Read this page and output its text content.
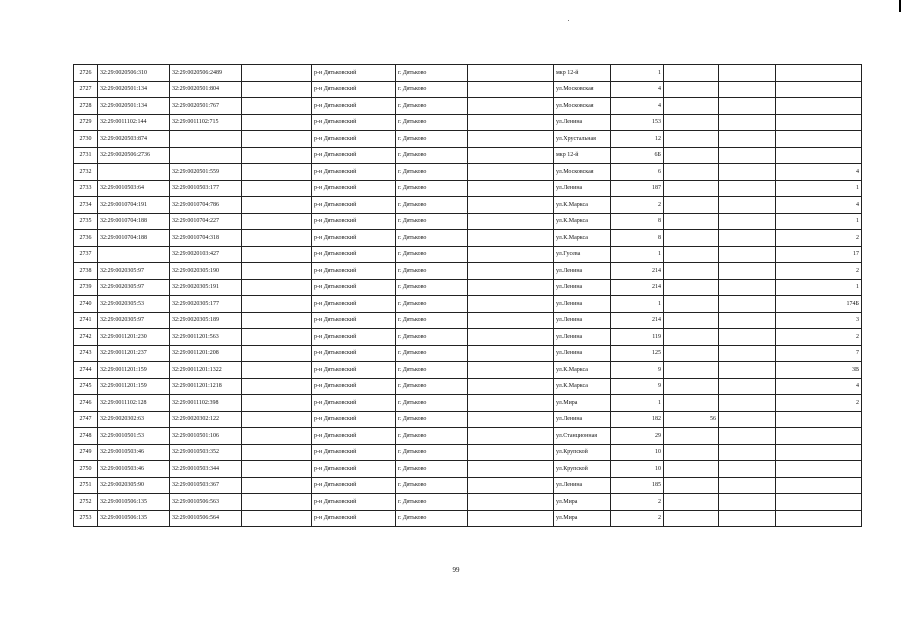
2726	32:29:0020506:310	32:29:0020506:2489		р-н Дятьковский	г. Дятьково		мкр 12-й	1			
2727	32:29:0020501:134	32:29:0020501:804		р-н Дятьковский	г. Дятьково		ул.Московская	4			
2728	32:29:0020501:134	32:29:0020501:767		р-н Дятьковский	г. Дятьково		ул.Московская	4			
2729	32:29:0011102:144	32:29:0011102:715		р-н Дятьковский	г. Дятьково		ул.Ленина	153			
2730	32:29:0020503:874			р-н Дятьковский	г. Дятьково		ул.Хрустальная	12			
2731	32:29:0020506:2736			р-н Дятьковский	г. Дятьково		мкр 12-й	6Б			
2732		32:29:0020501:559		р-н Дятьковский	г. Дятьково		ул.Московская	6			4
2733	32:29:0010503:64	32:29:0010503:177		р-н Дятьковский	г. Дятьково		ул.Ленина	187			1
2734	32:29:0010704:191	32:29:0010704:786		р-н Дятьковский	г. Дятьково		ул.К.Маркса	2			4
2735	32:29:0010704:188	32:29:0010704:227		р-н Дятьковский	г. Дятьково		ул.К.Маркса	8			1
2736	32:29:0010704:188	32:29:0010704:318		р-н Дятьковский	г. Дятьково		ул.К.Маркса	8			2
2737		32:29:0020103:427		р-н Дятьковский	г. Дятьково		ул.Гусева	1			17
2738	32:29:0020305:97	32:29:0020305:190		р-н Дятьковский	г. Дятьково		ул.Ленина	214			2
2739	32:29:0020305:97	32:29:0020305:191		р-н Дятьковский	г. Дятьково		ул.Ленина	214			1
2740	32:29:0020305:53	32:29:0020305:177		р-н Дятьковский	г. Дятьково		ул.Ленина	1			174Б
2741	32:29:0020305:97	32:29:0020305:189		р-н Дятьковский	г. Дятьково		ул.Ленина	214			3
2742	32:29:0011201:230	32:29:0011201:563		р-н Дятьковский	г. Дятьково		ул.Ленина	119			2
2743	32:29:0011201:237	32:29:0011201:208		р-н Дятьковский	г. Дятьково		ул.Ленина	125			7
2744	32:29:0011201:159	32:29:0011201:1322		р-н Дятьковский	г. Дятьково		ул.К.Маркса	9			3В
2745	32:29:0011201:159	32:29:0011201:1218		р-н Дятьковский	г. Дятьково		ул.К.Маркса	9			4
2746	32:29:0011102:128	32:29:0011102:398		р-н Дятьковский	г. Дятьково		ул.Мира	1			2
2747	32:29:0020302:63	32:29:0020302:122		р-н Дятьковский	г. Дятьково		ул.Ленина	182	56		
2748	32:29:0010501:53	32:29:0010501:106		р-н Дятьковский	г. Дятьково		ул.Станционная	29			
2749	32:29:0010503:46	32:29:0010503:352		р-н Дятьковский	г. Дятьково		ул.Крупской	10			
2750	32:29:0010503:46	32:29:0010503:344		р-н Дятьковский	г. Дятьково		ул.Крупской	10			
2751	32:29:0020305:90	32:29:0010503:367		р-н Дятьковский	г. Дятьково		ул.Ленина	185			
2752	32:29:0010506:135	32:29:0010506:563		р-н Дятьковский	г. Дятьково		ул.Мира	2			
2753	32:29:0010506:135	32:29:0010506:564		р-н Дятьковский	г. Дятьково		ул.Мира	2			
99
